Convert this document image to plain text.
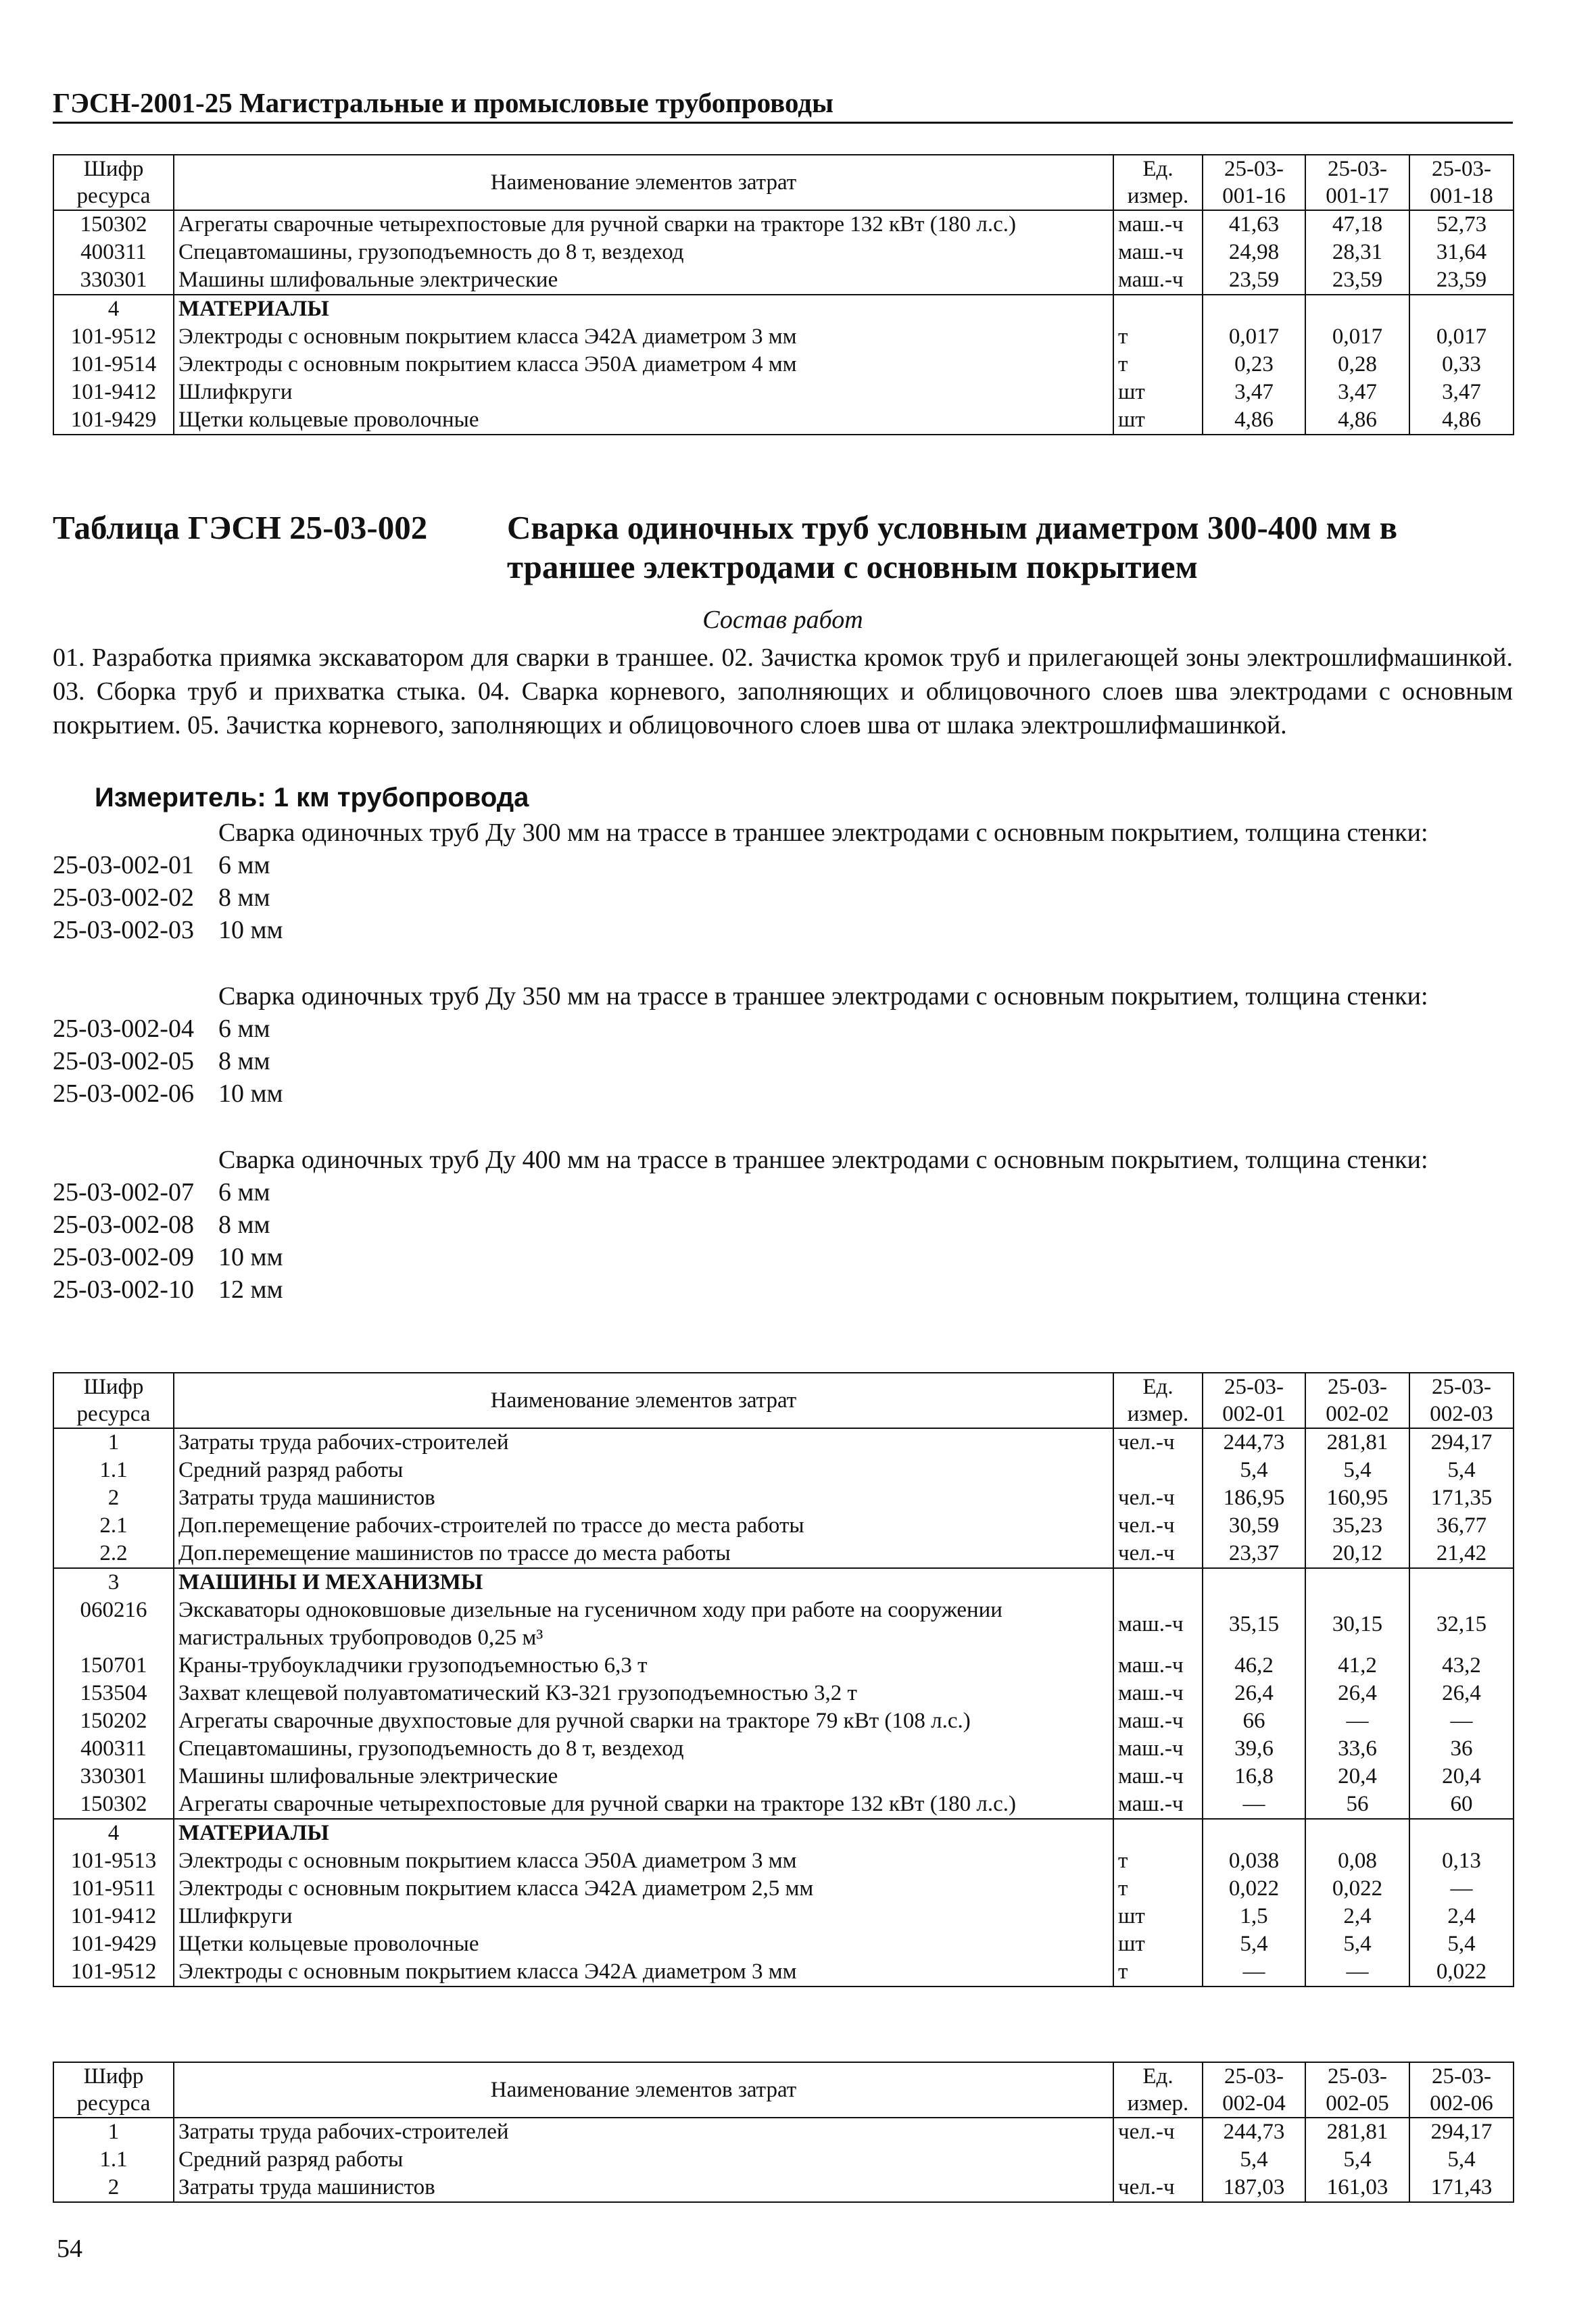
ГЭСН-2001-25 Магистральные и промысловые трубопроводы
Шифр ресурса	Наименование элементов затрат	Ед. измер.	25-03-001-16	25-03-001-17	25-03-001-18
150302	Агрегаты сварочные четырехпостовые для ручной сварки на тракторе 132 кВт (180 л.с.)	маш.-ч	41,63	47,18	52,73
400311	Спецавтомашины, грузоподъемность до 8 т, вездеход	маш.-ч	24,98	28,31	31,64
330301	Машины шлифовальные электрические	маш.-ч	23,59	23,59	23,59
4	МАТЕРИАЛЫ				

101-9512	Электроды с основным покрытием класса Э42А диаметром 3 мм	т	0,017	0,017	0,017
101-9514	Электроды с основным покрытием класса Э50А диаметром 4 мм	т	0,23	0,28	0,33
101-9412	Шлифкруги	шт	3,47	3,47	3,47
101-9429	Щетки кольцевые проволочные	шт	4,86	4,86	4,86
Таблица ГЭСН 25-03-002 Сварка одиночных труб условным диаметром 300-400 мм в траншее электродами с основным покрытием
Состав работ
01. Разработка приямка экскаватором для сварки в траншее. 02. Зачистка кромок труб и прилегающей зоны электрошлифмашинкой. 03. Сборка труб и прихватка стыка. 04. Сварка корневого, заполняющих и облицовочного слоев шва электродами с основным покрытием. 05. Зачистка корневого, заполняющих и облицовочного слоев шва от шлака электрошлифмашинкой.
Измеритель: 1 км трубопровода
Сварка одиночных труб Ду 300 мм на трассе в траншее электродами с основным покрытием, толщина стенки:
25-03-002-01 6 мм
25-03-002-02 8 мм
25-03-002-03 10 мм
Сварка одиночных труб Ду 350 мм на трассе в траншее электродами с основным покрытием, толщина стенки:
25-03-002-04 6 мм
25-03-002-05 8 мм
25-03-002-06 10 мм
Сварка одиночных труб Ду 400 мм на трассе в траншее электродами с основным покрытием, толщина стенки:
25-03-002-07 6 мм
25-03-002-08 8 мм
25-03-002-09 10 мм
25-03-002-10 12 мм
Шифр ресурса	Наименование элементов затрат	Ед. измер.	25-03-002-01	25-03-002-02	25-03-002-03
1	Затраты труда рабочих-строителей	чел.-ч	244,73	281,81	294,17
1.1	Средний разряд работы		5,4	5,4	5,4
2	Затраты труда машинистов	чел.-ч	186,95	160,95	171,35
2.1	Доп.перемещение рабочих-строителей по трассе до места работы	чел.-ч	30,59	35,23	36,77
2.2	Доп.перемещение машинистов по трассе до места работы	чел.-ч	23,37	20,12	21,42
3	МАШИНЫ И МЕХАНИЗМЫ				

060216	Экскаваторы одноковшовые дизельные на гусеничном ходу при работе на сооружении
магистральных трубопроводов 0,25 м³	маш.-ч	35,15	30,15	32,15
150701	Краны-трубоукладчики грузоподъемностью 6,3 т	маш.-ч	46,2	41,2	43,2
153504	Захват клещевой полуавтоматический КЗ-321 грузоподъемностью 3,2 т	маш.-ч	26,4	26,4	26,4
150202	Агрегаты сварочные двухпостовые для ручной сварки на тракторе 79 кВт (108 л.с.)	маш.-ч	66	—	—
400311	Спецавтомашины, грузоподъемность до 8 т, вездеход	маш.-ч	39,6	33,6	36
330301	Машины шлифовальные электрические	маш.-ч	16,8	20,4	20,4
150302	Агрегаты сварочные четырехпостовые для ручной сварки на тракторе 132 кВт (180 л.с.)	маш.-ч	—	56	60
4	МАТЕРИАЛЫ				

101-9513	Электроды с основным покрытием класса Э50А диаметром 3 мм	т	0,038	0,08	0,13
101-9511	Электроды с основным покрытием класса Э42А диаметром 2,5 мм	т	0,022	0,022	—
101-9412	Шлифкруги	шт	1,5	2,4	2,4
101-9429	Щетки кольцевые проволочные	шт	5,4	5,4	5,4
101-9512	Электроды с основным покрытием класса Э42А диаметром 3 мм	т	—	—	0,022
Шифр ресурса	Наименование элементов затрат	Ед. измер.	25-03-002-04	25-03-002-05	25-03-002-06
1	Затраты труда рабочих-строителей	чел.-ч	244,73	281,81	294,17
1.1	Средний разряд работы		5,4	5,4	5,4
2	Затраты труда машинистов	чел.-ч	187,03	161,03	171,43
54
